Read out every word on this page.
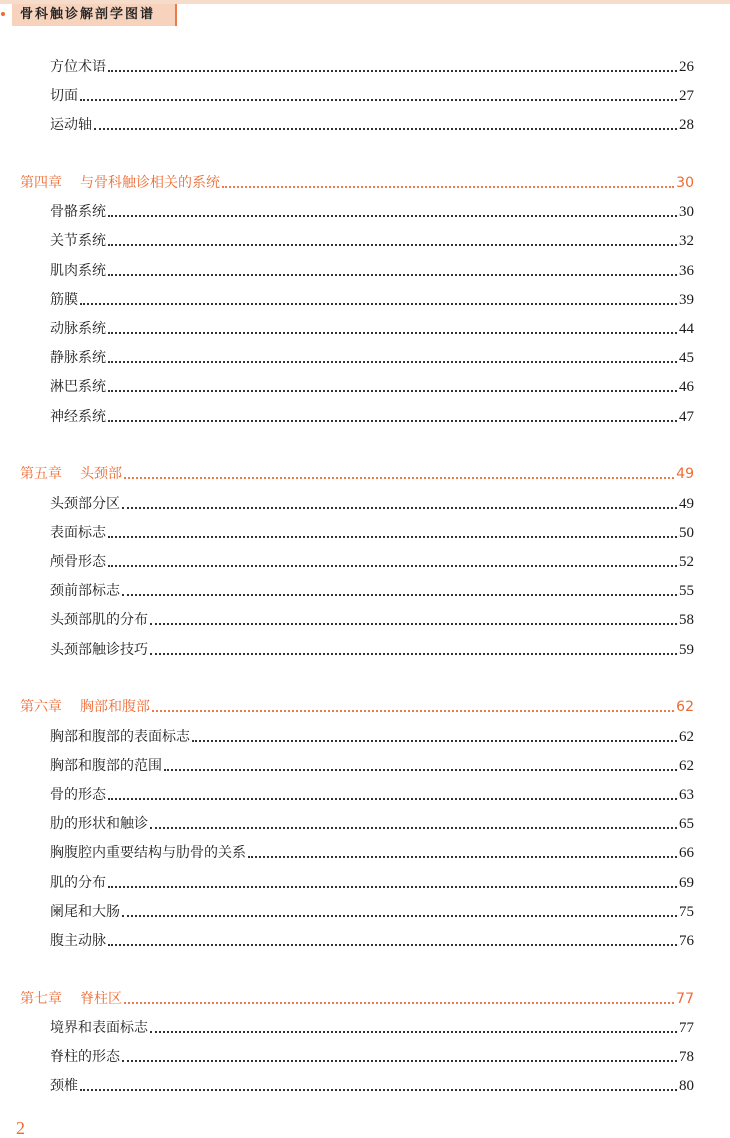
骨科触诊解剖学图谱
方位术语	26
切面	27
运动轴	28
第四章 与骨科触诊相关的系统	30
骨骼系统	30
关节系统	32
肌肉系统	36
筋膜	39
动脉系统	44
静脉系统	45
淋巴系统	46
神经系统	47
第五章 头颈部	49
头颈部分区	49
表面标志	50
颅骨形态	52
颈前部标志	55
头颈部肌的分布	58
头颈部触诊技巧	59
第六章 胸部和腹部	62
胸部和腹部的表面标志	62
胸部和腹部的范围	62
骨的形态	63
肋的形状和触诊	65
胸腹腔内重要结构与肋骨的关系	66
肌的分布	69
阑尾和大肠	75
腹主动脉	76
第七章 脊柱区	77
境界和表面标志	77
脊柱的形态	78
颈椎	80
2
